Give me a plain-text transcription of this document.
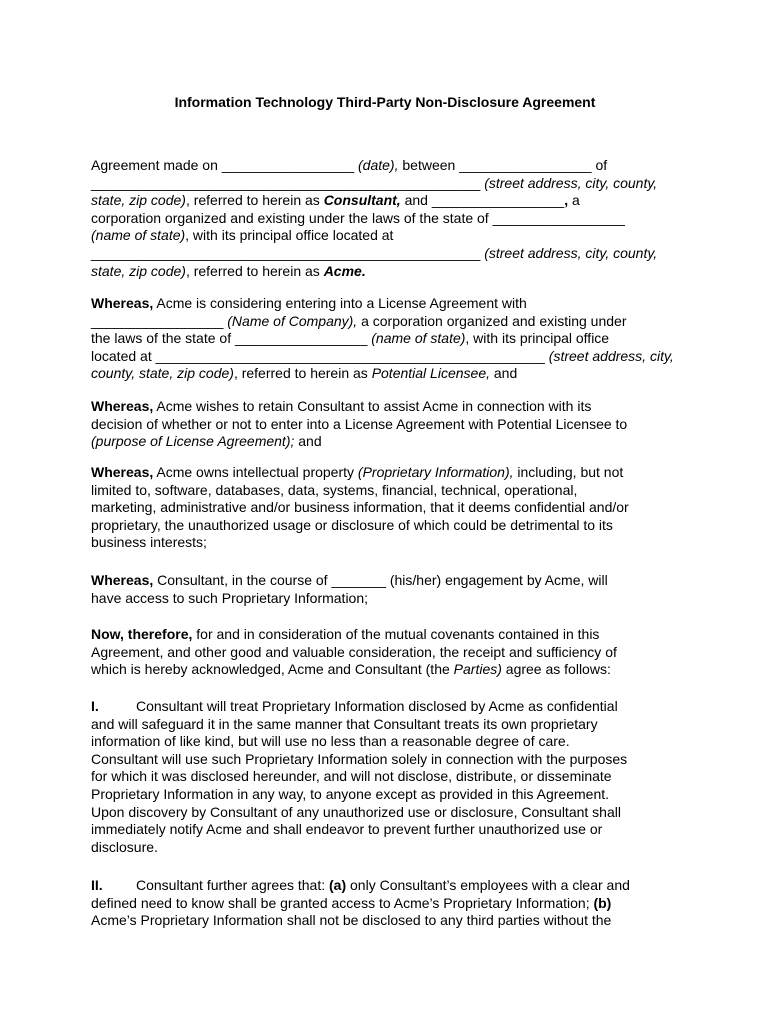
Information Technology Third-Party Non-Disclosure Agreement
Agreement made on _________________ (date), between _________________ of
__________________________________________________ (street address, city, county,
state, zip code), referred to herein as Consultant, and _________________, a
corporation organized and existing under the laws of the state of _________________
(name of state), with its principal office located at
__________________________________________________ (street address, city, county,
state, zip code), referred to herein as Acme.
Whereas, Acme is considering entering into a License Agreement with
_________________ (Name of Company), a corporation organized and existing under
the laws of the state of _________________ (name of state), with its principal office
located at __________________________________________________ (street address, city,
county, state, zip code), referred to herein as Potential Licensee, and
Whereas, Acme wishes to retain Consultant to assist Acme in connection with its
decision of whether or not to enter into a License Agreement with Potential Licensee to
(purpose of License Agreement); and
Whereas, Acme owns intellectual property (Proprietary Information), including, but not
limited to, software, databases, data, systems, financial, technical, operational,
marketing, administrative and/or business information, that it deems confidential and/or
proprietary, the unauthorized usage or disclosure of which could be detrimental to its
business interests;
Whereas, Consultant, in the course of _______ (his/her) engagement by Acme, will
have access to such Proprietary Information;
Now, therefore, for and in consideration of the mutual covenants contained in this
Agreement, and other good and valuable consideration, the receipt and sufficiency of
which is hereby acknowledged, Acme and Consultant (the Parties) agree as follows:
I.	Consultant will treat Proprietary Information disclosed by Acme as confidential
and will safeguard it in the same manner that Consultant treats its own proprietary
information of like kind, but will use no less than a reasonable degree of care.
Consultant will use such Proprietary Information solely in connection with the purposes
for which it was disclosed hereunder, and will not disclose, distribute, or disseminate
Proprietary Information in any way, to anyone except as provided in this Agreement.
Upon discovery by Consultant of any unauthorized use or disclosure, Consultant shall
immediately notify Acme and shall endeavor to prevent further unauthorized use or
disclosure.
II. Consultant further agrees that: (a) only Consultant’s employees with a clear and
defined need to know shall be granted access to Acme’s Proprietary Information; (b)
Acme’s Proprietary Information shall not be disclosed to any third parties without the
